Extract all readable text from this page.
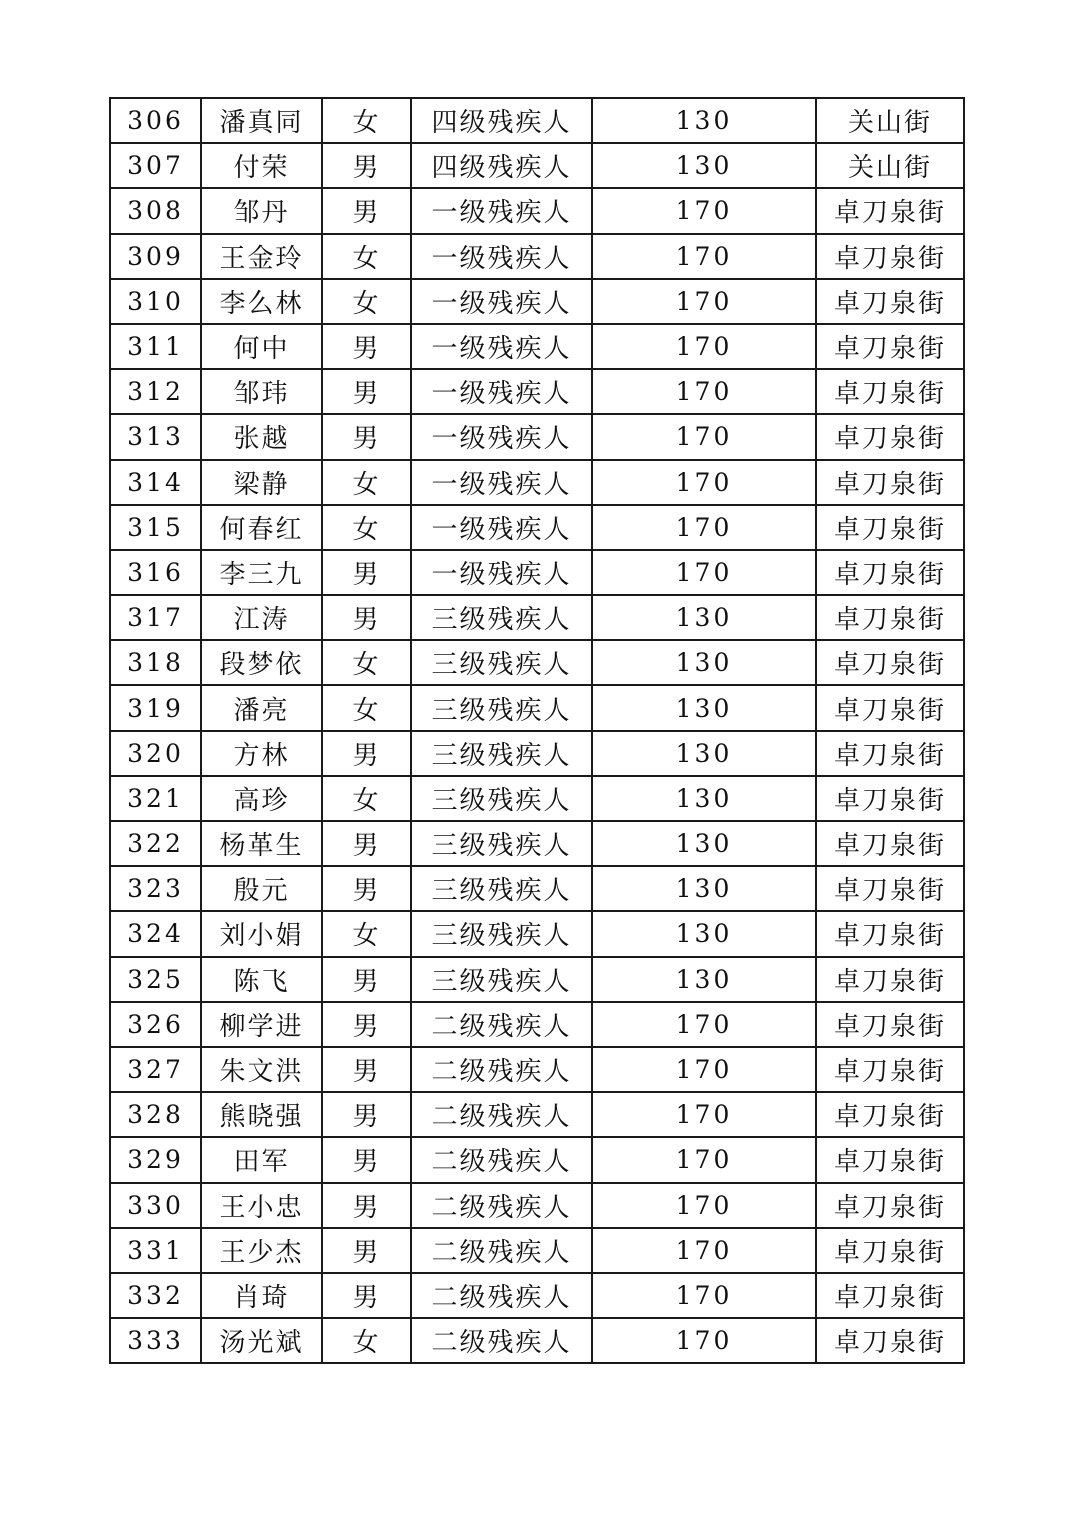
306	潘真同	女	四级残疾人	130	关山街
307	付荣	男	四级残疾人	130	关山街
308	邹丹	男	一级残疾人	170	卓刀泉街
309	王金玲	女	一级残疾人	170	卓刀泉街
310	李么林	女	一级残疾人	170	卓刀泉街
311	何中	男	一级残疾人	170	卓刀泉街
312	邹玮	男	一级残疾人	170	卓刀泉街
313	张越	男	一级残疾人	170	卓刀泉街
314	梁静	女	一级残疾人	170	卓刀泉街
315	何春红	女	一级残疾人	170	卓刀泉街
316	李三九	男	一级残疾人	170	卓刀泉街
317	江涛	男	三级残疾人	130	卓刀泉街
318	段梦依	女	三级残疾人	130	卓刀泉街
319	潘亮	女	三级残疾人	130	卓刀泉街
320	方林	男	三级残疾人	130	卓刀泉街
321	高珍	女	三级残疾人	130	卓刀泉街
322	杨革生	男	三级残疾人	130	卓刀泉街
323	殷元	男	三级残疾人	130	卓刀泉街
324	刘小娟	女	三级残疾人	130	卓刀泉街
325	陈飞	男	三级残疾人	130	卓刀泉街
326	柳学进	男	二级残疾人	170	卓刀泉街
327	朱文洪	男	二级残疾人	170	卓刀泉街
328	熊晓强	男	二级残疾人	170	卓刀泉街
329	田军	男	二级残疾人	170	卓刀泉街
330	王小忠	男	二级残疾人	170	卓刀泉街
331	王少杰	男	二级残疾人	170	卓刀泉街
332	肖琦	男	二级残疾人	170	卓刀泉街
333	汤光斌	女	二级残疾人	170	卓刀泉街
